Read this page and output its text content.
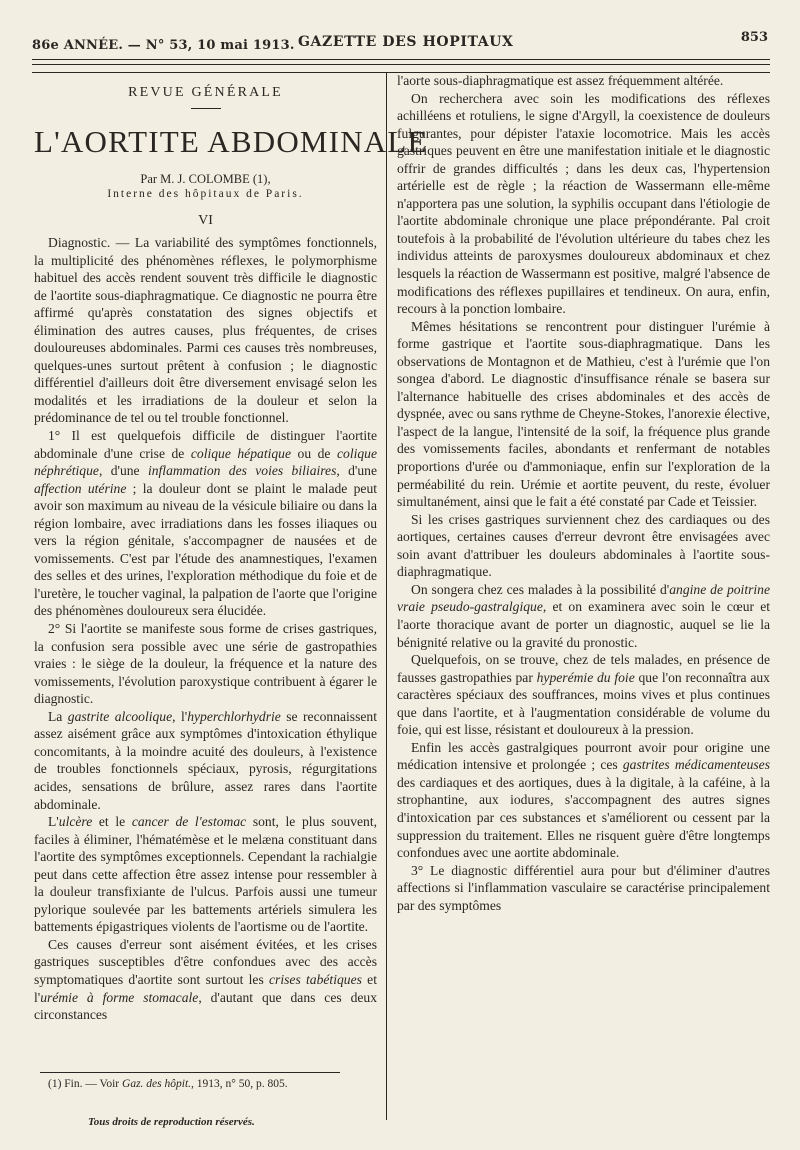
86e ANNÉE. — N° 53, 10 mai 1913. GAZETTE DES HOPITAUX	853
REVUE GÉNÉRALE
L'AORTITE ABDOMINALE
Par M. J. COLOMBE (1),
Interne des hôpitaux de Paris.
VI

Diagnostic. — La variabilité des symptômes fonctionnels, la multiplicité des phénomènes réflexes, le polymorphisme habituel des accès rendent souvent très difficile le diagnostic de l'aortite sous-diaphragmatique. Ce diagnostic ne pourra être affirmé qu'après constatation des signes objectifs et élimination des autres causes, plus fréquentes, de crises douloureuses abdominales. Parmi ces causes très nombreuses, quelques-unes surtout prêtent à confusion ; le diagnostic différentiel d'ailleurs doit être diversement envisagé selon les modalités et les irradiations de la douleur et selon la prédominance de tel ou tel trouble fonctionnel.

1° Il est quelquefois difficile de distinguer l'aortite abdominale d'une crise de colique hépatique ou de colique néphrétique, d'une inflammation des voies biliaires, d'une affection utérine ; la douleur dont se plaint le malade peut avoir son maximum au niveau de la vésicule biliaire ou dans la région lombaire, avec irradiations dans les fosses iliaques ou vers la région génitale, s'accompagner de nausées et de vomissements. C'est par l'étude des anamnestiques, l'examen des selles et des urines, l'exploration méthodique du foie et de l'uretère, le toucher vaginal, la palpation de l'aorte que l'origine des phénomènes douloureux sera élucidée.

2° Si l'aortite se manifeste sous forme de crises gastriques, la confusion sera possible avec une série de gastropathies vraies : le siège de la douleur, la fréquence et la nature des vomissements, l'évolution paroxystique contribuent à égarer le diagnostic.

La gastrite alcoolique, l'hyperchlorhydrie se reconnaissent assez aisément grâce aux symptômes d'intoxication éthylique concomitants, à la moindre acuité des douleurs, à l'existence de troubles fonctionnels spéciaux, pyrosis, régurgitations acides, sensations de brûlure, assez rares dans l'aortite abdominale.

L'ulcère et le cancer de l'estomac sont, le plus souvent, faciles à éliminer, l'hématémèse et le melæna constituant dans l'aortite des symptômes exceptionnels. Cependant la rachialgie peut dans cette affection être assez intense pour ressembler à la douleur transfixiante de l'ulcus. Parfois aussi une tumeur pylorique soulevée par les battements artériels simulera les battements épigastriques violents de l'aortisme ou de l'aortite.

Ces causes d'erreur sont aisément évitées, et les crises gastriques susceptibles d'être confondues avec des accès symptomatiques d'aortite sont surtout les crises tabétiques et l'urémie à forme stomacale, d'autant que dans ces deux circonstances

l'aorte sous-diaphragmatique est assez fréquemment altérée.

On recherchera avec soin les modifications des réflexes achilléens et rotuliens, le signe d'Argyll, la coexistence de douleurs fulgurantes, pour dépister l'ataxie locomotrice. Mais les accès gastriques peuvent en être une manifestation initiale et le diagnostic offrir de grandes difficultés ; dans les deux cas, l'hypertension artérielle est de règle ; la réaction de Wassermann elle-même n'apportera pas une solution, la syphilis occupant dans l'étiologie de l'aortite abdominale chronique une place prépondérante. Pal croit toutefois à la probabilité de l'évolution ultérieure du tabes chez les individus atteints de paroxysmes douloureux abdominaux et chez lesquels la réaction de Wassermann est positive, malgré l'absence de modifications des réflexes pupillaires et tendineux. On aura, enfin, recours à la ponction lombaire.

Mêmes hésitations se rencontrent pour distinguer l'urémie à forme gastrique et l'aortite sous-diaphragmatique. Dans les observations de Montagnon et de Mathieu, c'est à l'urémie que l'on songea d'abord. Le diagnostic d'insuffisance rénale se basera sur l'alternance habituelle des crises abdominales et des accès de dyspnée, avec ou sans rythme de Cheyne-Stokes, l'anorexie élective, l'aspect de la langue, l'intensité de la soif, la fréquence plus grande des vomissements faciles, abondants et renfermant de notables proportions d'urée ou d'ammoniaque, enfin sur l'exploration de la perméabilité du rein. Urémie et aortite peuvent, du reste, évoluer simultanément, ainsi que le fait a été constaté par Cade et Teissier.

Si les crises gastriques surviennent chez des cardiaques ou des aortiques, certaines causes d'erreur devront être envisagées avec soin avant d'attribuer les douleurs abdominales à l'aortite sous-diaphragmatique.

On songera chez ces malades à la possibilité d'angine de poitrine vraie pseudo-gastralgique, et on examinera avec soin le cœur et l'aorte thoracique avant de porter un diagnostic, auquel se lie la bénignité relative ou la gravité du pronostic.

Quelquefois, on se trouve, chez de tels malades, en présence de fausses gastropathies par hyperémie du foie que l'on reconnaîtra aux caractères spéciaux des souffrances, moins vives et plus continues que dans l'aortite, et à l'augmentation considérable de volume du foie, qui est lisse, résistant et douloureux à la pression.

Enfin les accès gastralgiques pourront avoir pour origine une médication intensive et prolongée ; ces gastrites médicamenteuses des cardiaques et des aortiques, dues à la digitale, à la caféine, à la strophantine, aux iodures, s'accompagnent des autres signes d'intoxication par ces substances et s'améliorent ou cessent par la suppression du traitement. Elles ne risquent guère d'être longtemps confondues avec une aortite abdominale.

3° Le diagnostic différentiel aura pour but d'éliminer d'autres affections si l'inflammation vasculaire se caractérise principalement par des symptômes

(1) Fin. — Voir Gaz. des hôpit., 1913, n° 50, p. 805.
Tous droits de reproduction réservés.
